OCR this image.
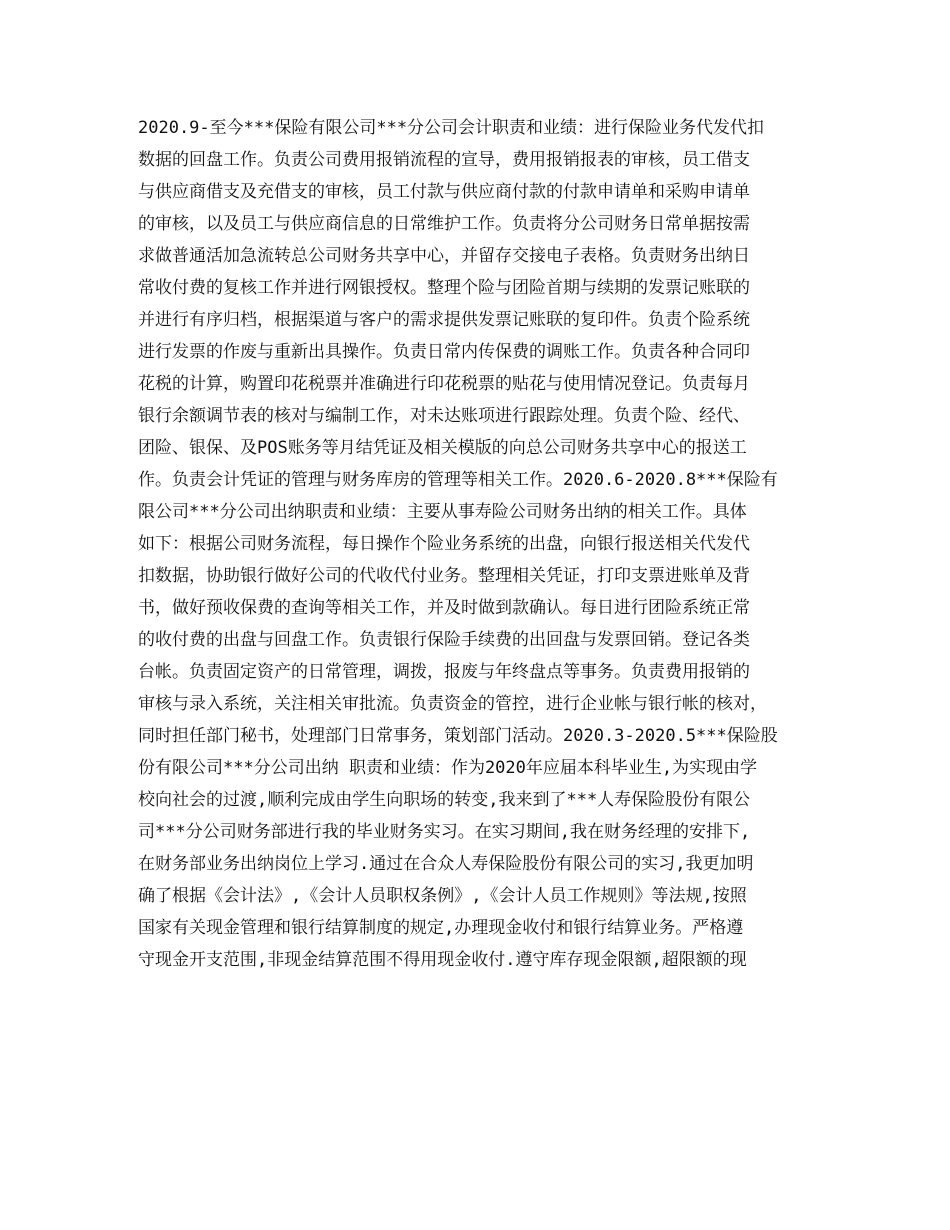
2020.9-至今***保险有限公司***分公司会计职责和业绩：进行保险业务代发代扣
数据的回盘工作。负责公司费用报销流程的宣导，费用报销报表的审核，员工借支
与供应商借支及充借支的审核，员工付款与供应商付款的付款申请单和采购申请单
的审核，以及员工与供应商信息的日常维护工作。负责将分公司财务日常单据按需
求做普通活加急流转总公司财务共享中心，并留存交接电子表格。负责财务出纳日
常收付费的复核工作并进行网银授权。整理个险与团险首期与续期的发票记账联的
并进行有序归档，根据渠道与客户的需求提供发票记账联的复印件。负责个险系统
进行发票的作废与重新出具操作。负责日常内传保费的调账工作。负责各种合同印
花税的计算，购置印花税票并准确进行印花税票的贴花与使用情况登记。负责每月
银行余额调节表的核对与编制工作，对未达账项进行跟踪处理。负责个险、经代、
团险、银保、及POS账务等月结凭证及相关模版的向总公司财务共享中心的报送工
作。负责会计凭证的管理与财务库房的管理等相关工作。2020.6-2020.8***保险有
限公司***分公司出纳职责和业绩：主要从事寿险公司财务出纳的相关工作。具体
如下：根据公司财务流程，每日操作个险业务系统的出盘，向银行报送相关代发代
扣数据，协助银行做好公司的代收代付业务。整理相关凭证，打印支票进账单及背
书，做好预收保费的查询等相关工作，并及时做到款确认。每日进行团险系统正常
的收付费的出盘与回盘工作。负责银行保险手续费的出回盘与发票回销。登记各类
台帐。负责固定资产的日常管理，调拨，报废与年终盘点等事务。负责费用报销的
审核与录入系统，关注相关审批流。负责资金的管控，进行企业帐与银行帐的核对，
同时担任部门秘书，处理部门日常事务，策划部门活动。2020.3-2020.5***保险股
份有限公司***分公司出纳 职责和业绩：作为2020年应届本科毕业生,为实现由学
校向社会的过渡,顺利完成由学生向职场的转变,我来到了***人寿保险股份有限公
司***分公司财务部进行我的毕业财务实习。在实习期间,我在财务经理的安排下,
在财务部业务出纳岗位上学习.通过在合众人寿保险股份有限公司的实习,我更加明
确了根据《会计法》,《会计人员职权条例》,《会计人员工作规则》等法规,按照
国家有关现金管理和银行结算制度的规定,办理现金收付和银行结算业务。严格遵
守现金开支范围,非现金结算范围不得用现金收付.遵守库存现金限额,超限额的现
